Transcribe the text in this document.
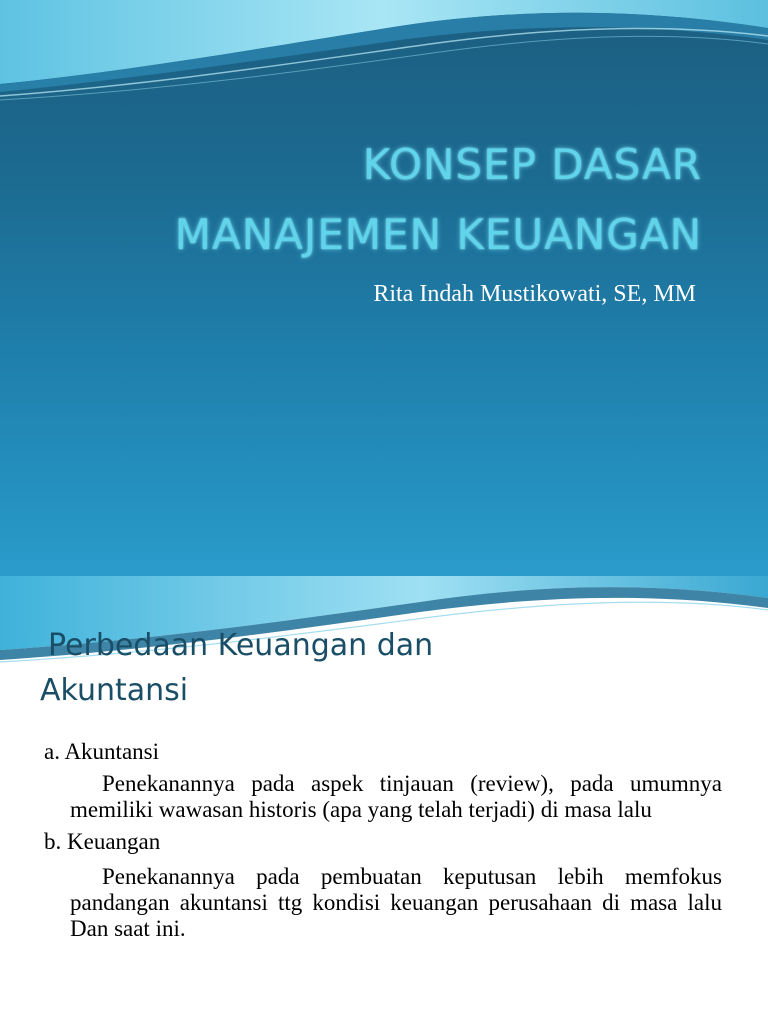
KONSEP DASAR
MANAJEMEN KEUANGAN
Rita Indah Mustikowati, SE, MM
Perbedaan Keuangan dan
Akuntansi

a. Akuntansi

Penekanannya pada aspek tinjauan (review), pada umumnya memiliki wawasan historis (apa yang telah terjadi) di masa lalu

b. Keuangan

Penekanannya pada pembuatan keputusan lebih memfokus pandangan akuntansi ttg kondisi keuangan perusahaan di masa lalu Dan saat ini.
